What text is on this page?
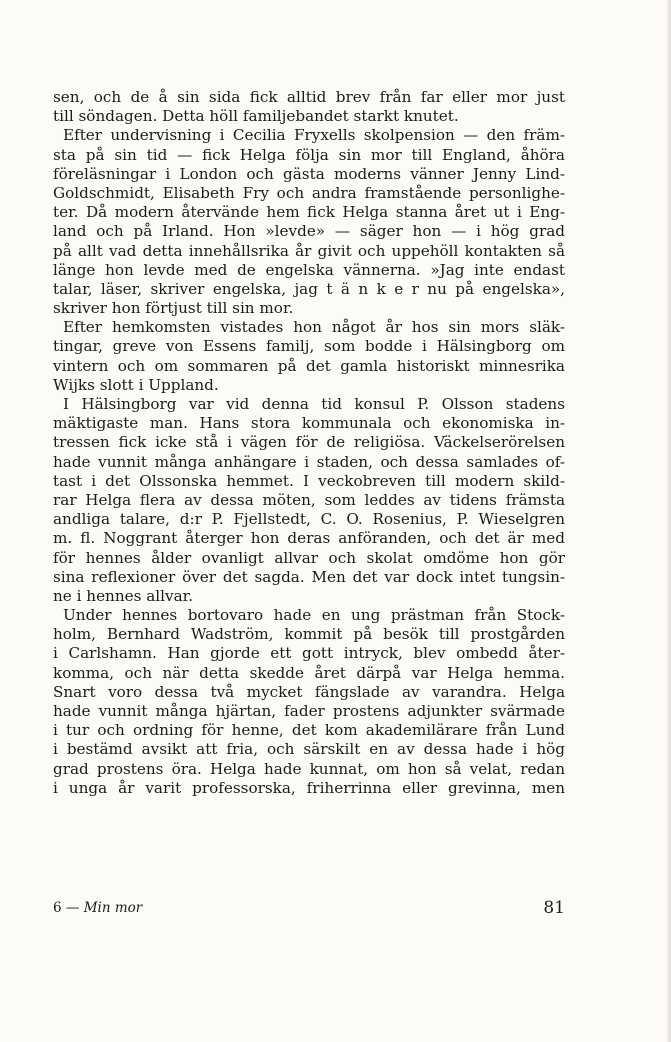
sen, och de å sin sida fick alltid brev från far eller mor just
till söndagen. Detta höll familjebandet starkt knutet.
Efter undervisning i Cecilia Fryxells skolpension — den främ-
sta på sin tid — fick Helga följa sin mor till England, åhöra
föreläsningar i London och gästa moderns vänner Jenny Lind-
Goldschmidt, Elisabeth Fry och andra framstående personlighe-
ter. Då modern återvände hem fick Helga stanna året ut i Eng-
land och på Irland. Hon »levde» — säger hon — i hög grad
på allt vad detta innehållsrika år givit och uppehöll kontakten så
länge hon levde med de engelska vännerna. »Jag inte endast
talar, läser, skriver engelska, jag t ä n k e r nu på engelska»,
skriver hon förtjust till sin mor.
Efter hemkomsten vistades hon något år hos sin mors släk-
tingar, greve von Essens familj, som bodde i Hälsingborg om
vintern och om sommaren på det gamla historiskt minnesrika
Wijks slott i Uppland.
I Hälsingborg var vid denna tid konsul P. Olsson stadens
mäktigaste man. Hans stora kommunala och ekonomiska in-
tressen fick icke stå i vägen för de religiösa. Väckelserörelsen
hade vunnit många anhängare i staden, och dessa samlades of-
tast i det Olssonska hemmet. I veckobreven till modern skild-
rar Helga flera av dessa möten, som leddes av tidens främsta
andliga talare, d:r P. Fjellstedt, C. O. Rosenius, P. Wieselgren
m. fl. Noggrant återger hon deras anföranden, och det är med
för hennes ålder ovanligt allvar och skolat omdöme hon gör
sina reflexioner över det sagda. Men det var dock intet tungsin-
ne i hennes allvar.
Under hennes bortovaro hade en ung prästman från Stock-
holm, Bernhard Wadström, kommit på besök till prostgården
i Carlshamn. Han gjorde ett gott intryck, blev ombedd åter-
komma, och när detta skedde året därpå var Helga hemma.
Snart voro dessa två mycket fängslade av varandra. Helga
hade vunnit många hjärtan, fader prostens adjunkter svärmade
i tur och ordning för henne, det kom akademilärare från Lund
i bestämd avsikt att fria, och särskilt en av dessa hade i hög
grad prostens öra. Helga hade kunnat, om hon så velat, redan
i unga år varit professorska, friherrinna eller grevinna, men
6 — Min mor	81
